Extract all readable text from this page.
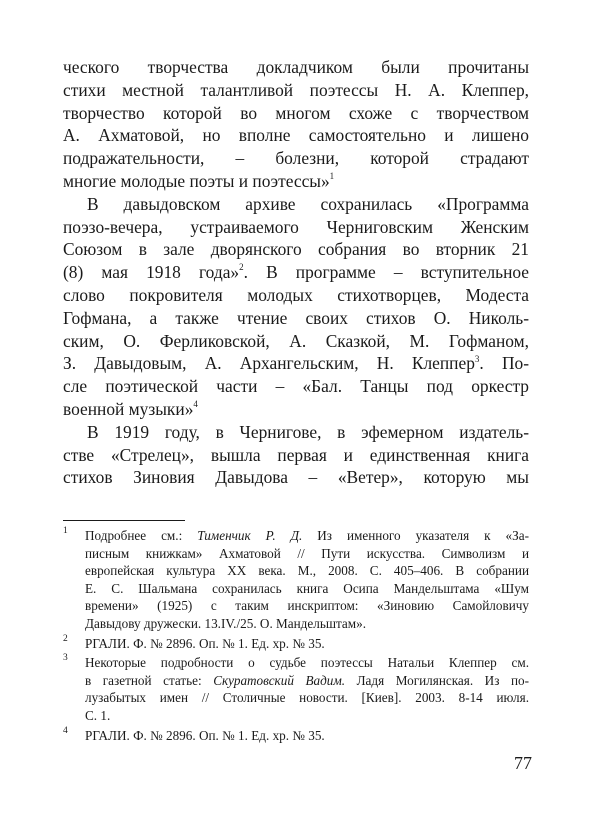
ческого творчества докладчиком были прочитаны
стихи местной талантливой поэтессы Н. А. Клеппер,
творчество которой во многом схоже с творчеством
А. Ахматовой, но вполне самостоятельно и лишено
подражательности, – болезни, которой страдают
многие молодые поэты и поэтессы»$^1$
В давыдовском архиве сохранилась «Программа
поэзо-вечера, устраиваемого Черниговским Женским
Союзом в зале дворянского собрания во вторник 21
(8) мая 1918 года»$^2$. В программе – вступительное
слово покровителя молодых стихотворцев, Модеста
Гофмана, а также чтение своих стихов О. Николь-
ским, О. Ферликовской, А. Сказкой, М. Гофманом,
З. Давыдовым, А. Архангельским, Н. Клеппер$^3$. По-
сле поэтической части – «Бал. Танцы под оркестр
военной музыки»$^4$
В 1919 году, в Чернигове, в эфемерном издатель-
стве «Стрелец», вышла первая и единственная книга
стихов Зиновия Давыдова – «Ветер», которую мы
1 Подробнее см.: Тименчик Р. Д. Из именного указателя к «За-
писным книжкам» Ахматовой // Пути искусства. Символизм и
европейская культура XX века. М., 2008. С. 405–406. В собрании
Е. С. Шальмана сохранилась книга Осипа Мандельштама «Шум
времени» (1925) с таким инскриптом: «Зиновию Самойловичу
Давыдову дружески. 13.IV./25. О. Мандельштам».
2 РГАЛИ. Ф. № 2896. Оп. № 1. Ед. хр. № 35.
3 Некоторые подробности о судьбе поэтессы Натальи Клеппер см.
в газетной статье: Скуратовский Вадим. Ладя Могилянская. Из по-
лузабытых имен // Столичные новости. [Киев]. 2003. 8-14 июля.
С. 1.
4 РГАЛИ. Ф. № 2896. Оп. № 1. Ед. хр. № 35.
77
